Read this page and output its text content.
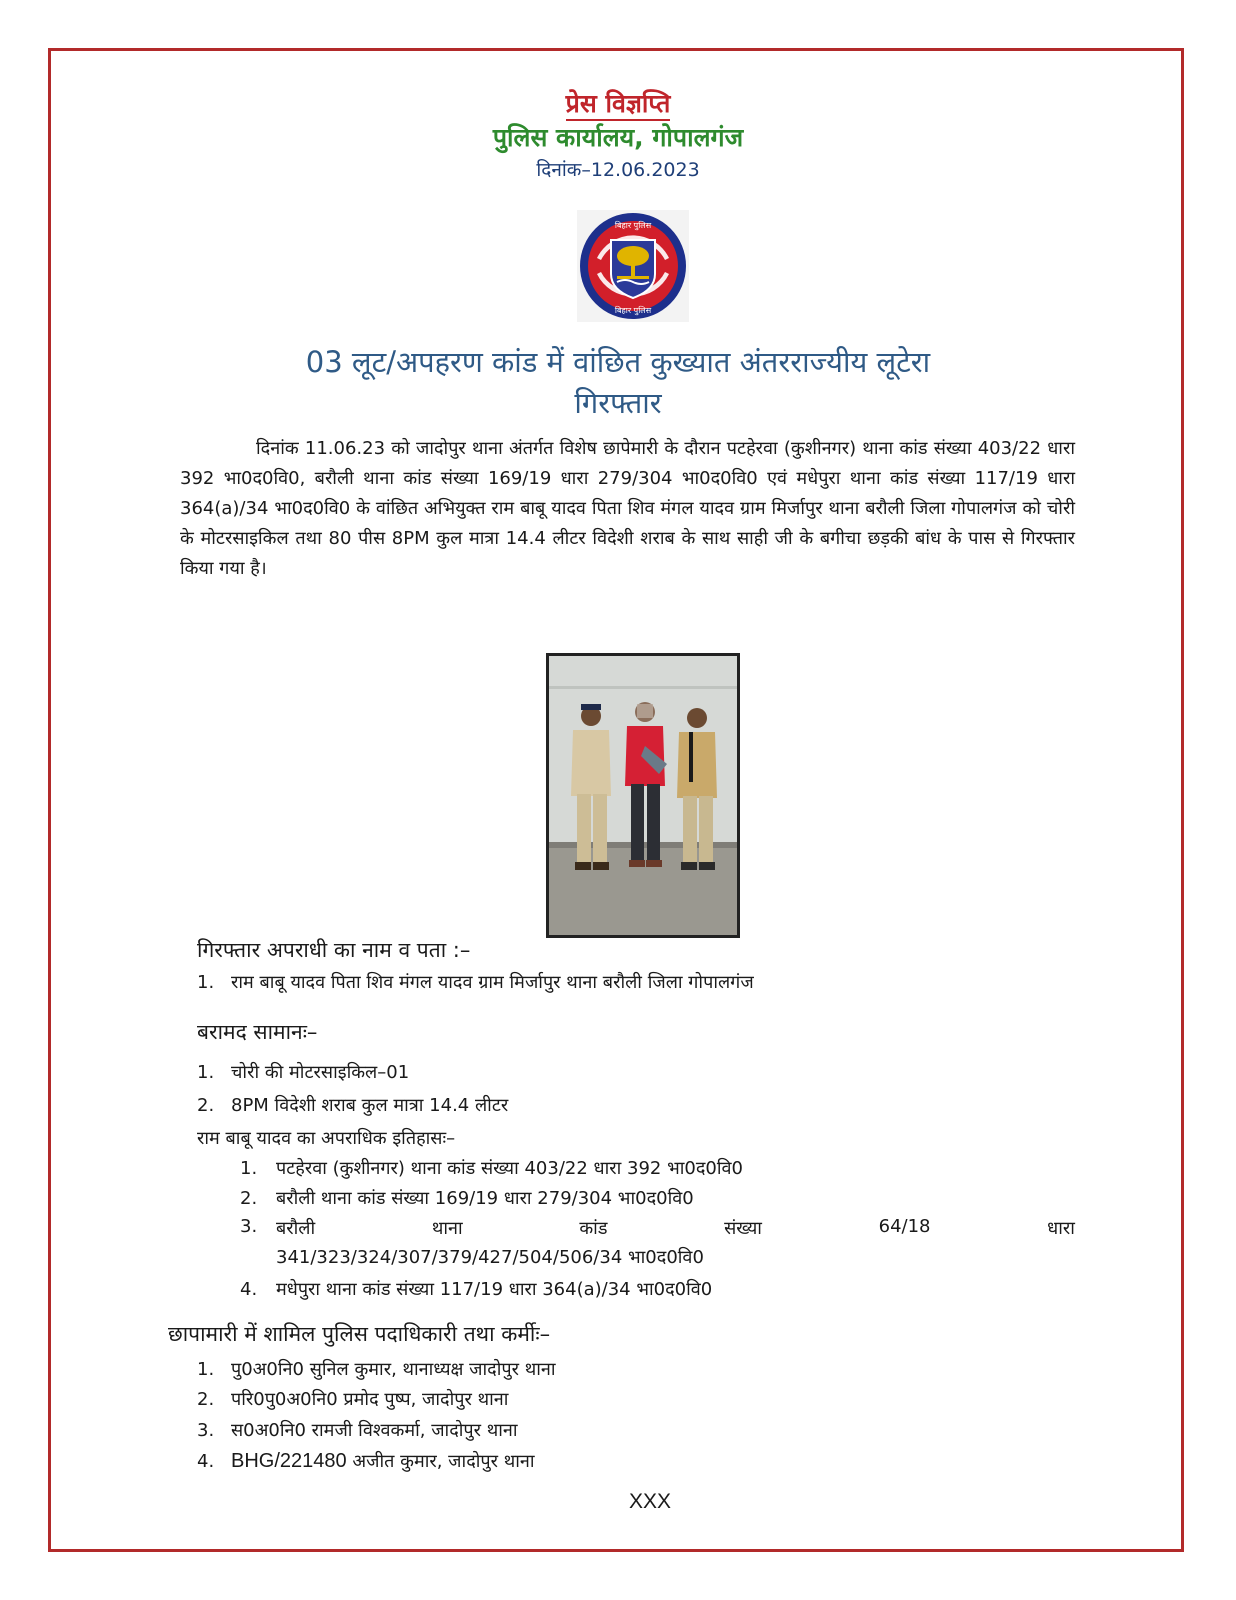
प्रेस विज्ञप्ति
पुलिस कार्यालय, गोपालगंज
दिनांक–12.06.2023
बिहार पुलिस
बिहार पुलिस
03 लूट/अपहरण कांड में वांछित कुख्यात अंतरराज्यीय लूटेरा
गिरफ्तार
दिनांक 11.06.23 को जादोपुर थाना अंतर्गत विशेष छापेमारी के दौरान पटहेरवा (कुशीनगर) थाना कांड संख्या 403/22 धारा 392 भा0द0वि0, बरौली थाना कांड संख्या 169/19 धारा 279/304 भा0द0वि0 एवं मधेपुरा थाना कांड संख्या 117/19 धारा 364(a)/34 भा0द0वि0 के वांछित अभियुक्त राम बाबू यादव पिता शिव मंगल यादव ग्राम मिर्जापुर थाना बरौली जिला गोपालगंज को चोरी के मोटरसाइकिल तथा 80 पीस 8PM कुल मात्रा 14.4 लीटर विदेशी शराब के साथ साही जी के बगीचा छड़की बांध के पास से गिरफ्तार किया गया है।
गिरफ्तार अपराधी का नाम व पता :–
1. राम बाबू यादव पिता शिव मंगल यादव ग्राम मिर्जापुर थाना बरौली जिला गोपालगंज
बरामद सामानः–
1. चोरी की मोटरसाइकिल–01
2. 8PM विदेशी शराब कुल मात्रा 14.4 लीटर
राम बाबू यादव का अपराधिक इतिहासः–
1. पटहेरवा (कुशीनगर) थाना कांड संख्या 403/22 धारा 392 भा0द0वि0
2. बरौली थाना कांड संख्या 169/19 धारा 279/304 भा0द0वि0
3.	बरौली	थाना	कांड	संख्या	64/18	धारा
341/323/324/307/379/427/504/506/34 भा0द0वि0
4. मधेपुरा थाना कांड संख्या 117/19 धारा 364(a)/34 भा0द0वि0
छापामारी में शामिल पुलिस पदाधिकारी तथा कर्मीः–
1. पु0अ0नि0 सुनिल कुमार, थानाध्यक्ष जादोपुर थाना
2. परि0पु0अ0नि0 प्रमोद पुष्प, जादोपुर थाना
3. स0अ0नि0 रामजी विश्वकर्मा, जादोपुर थाना
4. BHG/221480 अजीत कुमार, जादोपुर थाना
XXX
